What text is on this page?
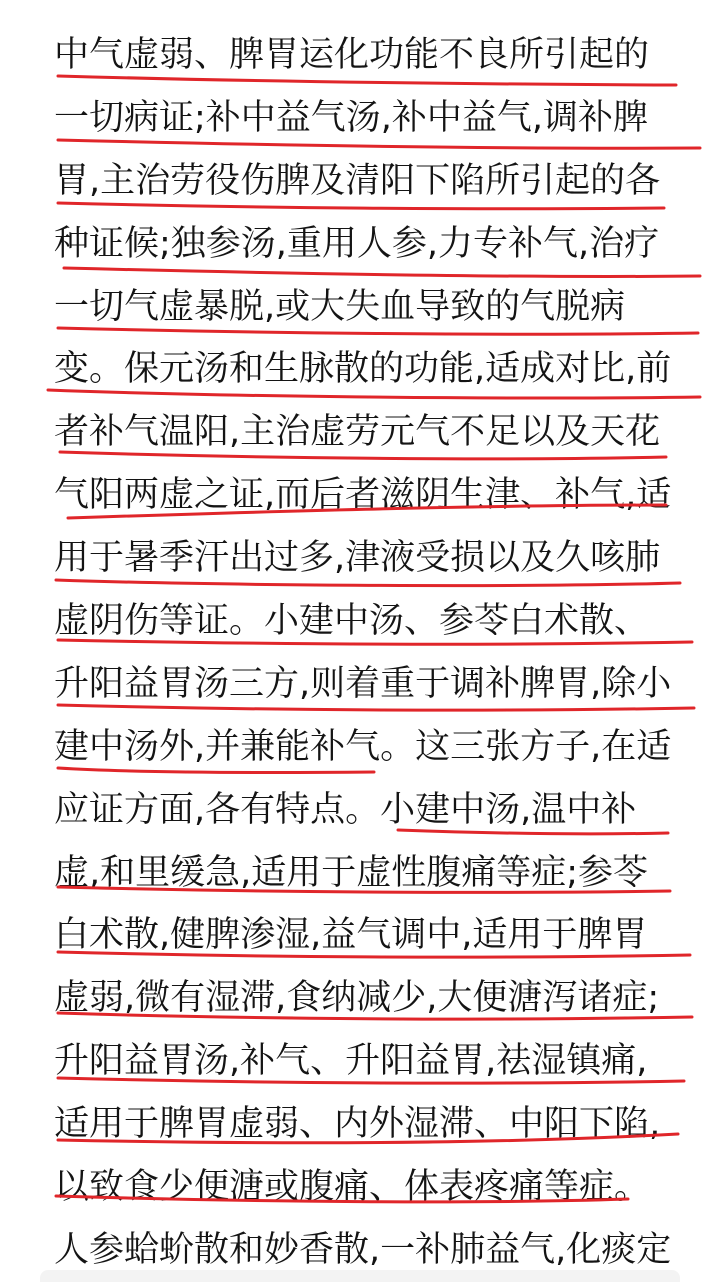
中气虚弱、脾胃运化功能不良所引起的
一切病证;补中益气汤,补中益气,调补脾
胃,主治劳役伤脾及清阳下陷所引起的各
种证候;独参汤,重用人参,力专补气,治疗
一切气虚暴脱,或大失血导致的气脱病
变。保元汤和生脉散的功能,适成对比,前
者补气温阳,主治虚劳元气不足以及天花
气阳两虚之证,而后者滋阴生津、补气,适
用于暑季汗出过多,津液受损以及久咳肺
虚阴伤等证。小建中汤、参苓白术散、
升阳益胃汤三方,则着重于调补脾胃,除小
建中汤外,并兼能补气。这三张方子,在适
应证方面,各有特点。小建中汤,温中补
虚,和里缓急,适用于虚性腹痛等症;参苓
白术散,健脾渗湿,益气调中,适用于脾胃
虚弱,微有湿滞,食纳减少,大便溏泻诸症;
升阳益胃汤,补气、升阳益胃,祛湿镇痛,
适用于脾胃虚弱、内外湿滞、中阳下陷,
以致食少便溏或腹痛、体表疼痛等症。
人参蛤蚧散和妙香散,一补肺益气,化痰定
